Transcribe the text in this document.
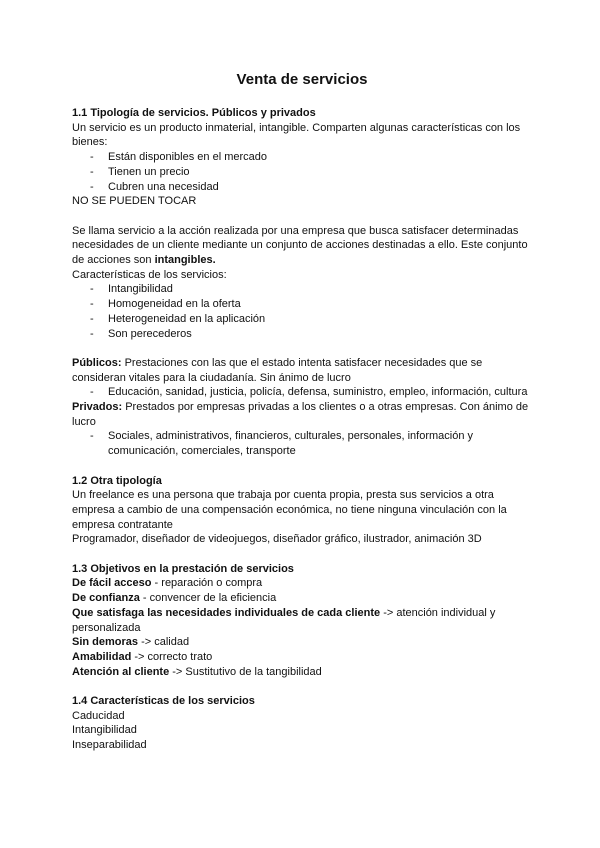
Venta de servicios
1.1 Tipología de servicios. Públicos y privados

Un servicio es un producto inmaterial, intangible. Comparten algunas características con los bienes:

- Están disponibles en el mercado
- Tienen un precio
- Cubren una necesidad

NO SE PUEDEN TOCAR

Se llama servicio a la acción realizada por una empresa que busca satisfacer determinadas necesidades de un cliente mediante un conjunto de acciones destinadas a ello. Este conjunto de acciones son intangibles.

Características de los servicios:

- Intangibilidad
- Homogeneidad en la oferta
- Heterogeneidad en la aplicación
- Son perecederos

Públicos: Prestaciones con las que el estado intenta satisfacer necesidades que se consideran vitales para la ciudadanía. Sin ánimo de lucro

- Educación, sanidad, justicia, policía, defensa, suministro, empleo, información, cultura

Privados: Prestados por empresas privadas a los clientes o a otras empresas. Con ánimo de lucro

- Sociales, administrativos, financieros, culturales, personales, información y comunicación, comerciales, transporte
1.2 Otra tipología

Un freelance es una persona que trabaja por cuenta propia, presta sus servicios a otra empresa a cambio de una compensación económica, no tiene ninguna vinculación con la empresa contratante

Programador, diseñador de videojuegos, diseñador gráfico, ilustrador, animación 3D

1.3 Objetivos en la prestación de servicios

De fácil acceso - reparación o compra

De confianza - convencer de la eficiencia

Que satisfaga las necesidades individuales de cada cliente -> atención individual y personalizada

Sin demoras -> calidad

Amabilidad -> correcto trato

Atención al cliente -> Sustitutivo de la tangibilidad

1.4 Características de los servicios

Caducidad

Intangibilidad

Inseparabilidad
